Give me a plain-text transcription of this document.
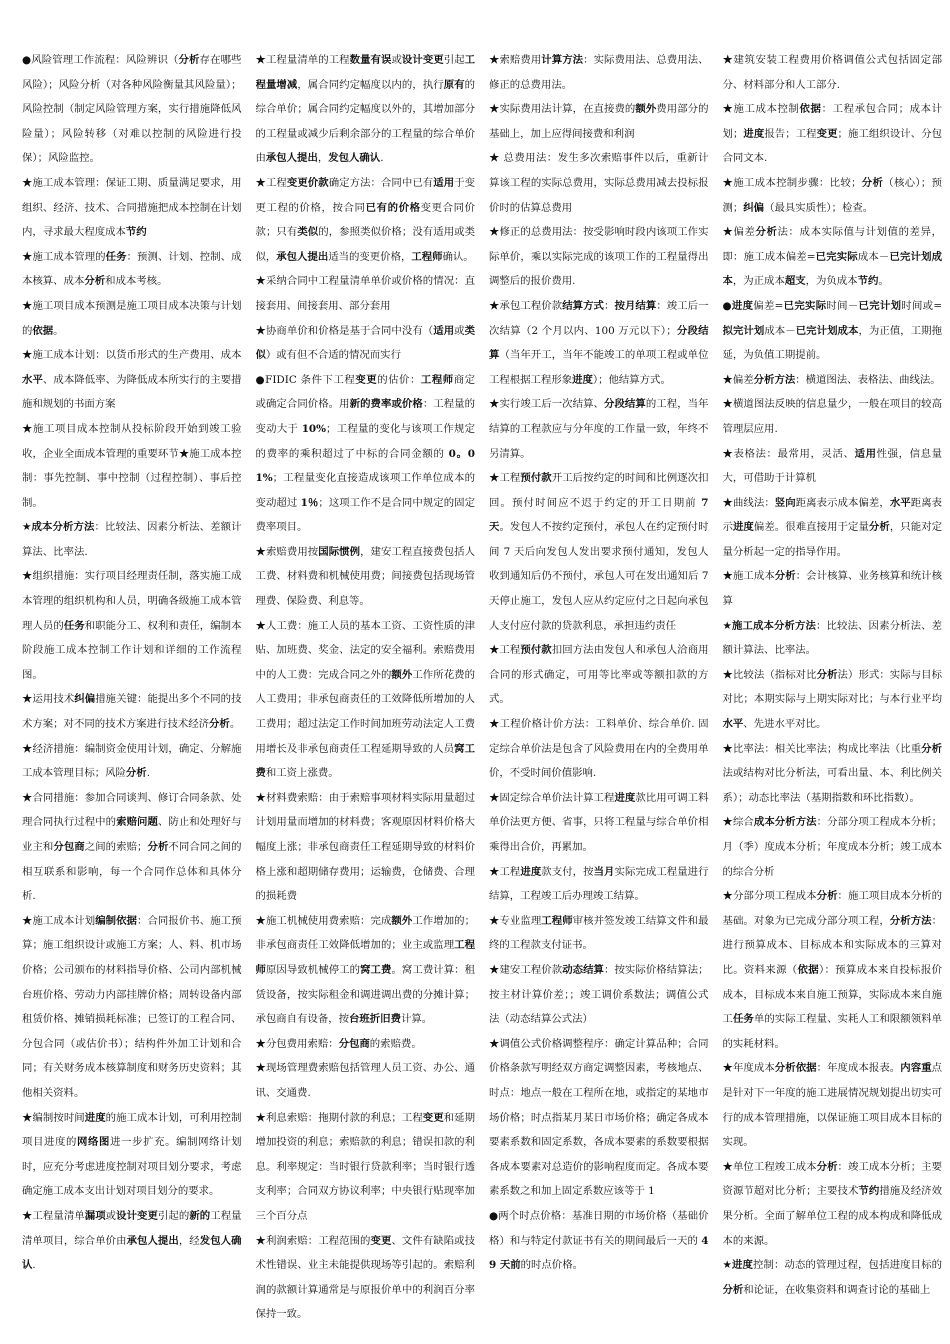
●风险管理工作流程：风险辨识（分析存在哪些风险）；风险分析（对各种风险衡量其风险量）；风险控制（制定风险管理方案，实行措施降低风险量）；风险转移（对难以控制的风险进行投保）；风险监控。
★施工成本管理：保证工期、质量满足要求，用组织、经济、技术、合同措施把成本控制在计划内，寻求最大程度成本节约
★施工成本管理的任务：预测、计划、控制、成本核算、成本分析和成本考核。
★施工项目成本预测是施工项目成本决策与计划的依据。
★施工成本计划：以货币形式的生产费用、成本水平、成本降低率、为降低成本所实行的主要措施和规划的书面方案
★施工项目成本控制从投标阶段开始到竣工验收，企业全面成本管理的重要环节★施工成本控制：事先控制、事中控制（过程控制）、事后控制。
★成本分析方法：比较法、因素分析法、差额计算法、比率法.
★组织措施：实行项目经理责任制，落实施工成本管理的组织机构和人员，明确各级施工成本管理人员的任务和职能分工、权利和责任，编制本阶段施工成本控制工作计划和详细的工作流程图。
★运用技术纠偏措施关键：能提出多个不同的技术方案；对不同的技术方案进行技术经济分析。
★经济措施：编制资金使用计划，确定、分解施工成本管理目标；风险分析.
★合同措施：参加合同谈判、修订合同条款、处理合同执行过程中的索赔问题、防止和处理好与业主和分包商之间的索赔；分析不同合同之间的相互联系和影响，每一个合同作总体和具体分析.
★施工成本计划编制依据：合同报价书、施工预算；施工组织设计或施工方案；人、料、机市场价格；公司颁布的材料指导价格、公司内部机械台班价格、劳动力内部挂牌价格；周转设备内部租赁价格、摊销损耗标准；已签订的工程合同、分包合同（或估价书）；结构件外加工计划和合同；有关财务成本核算制度和财务历史资料；其他相关资料。
★编制按时间进度的施工成本计划，可利用控制项目进度的网络图进一步扩充。编制网络计划时，应充分考虑进度控制对项目划分要求，考虑确定施工成本支出计划对项目划分的要求。
★工程量清单漏项或设计变更引起的新的工程量清单项目，综合单价由承包人提出，经发包人确认.
★工程量清单的工程数量有误或设计变更引起工程量增减，属合同约定幅度以内的，执行原有的综合单价；属合同约定幅度以外的，其增加部分的工程量或减少后剩余部分的工程量的综合单价由承包人提出，发包人确认.
★工程变更价款确定方法：合同中已有适用于变更工程的价格，按合同已有的价格变更合同价款；只有类似的，参照类似价格；没有适用或类似，承包人提出适当的变更价格，工程师确认。
★采纳合同中工程量清单单价或价格的情况：直接套用、间接套用、部分套用
★协商单价和价格是基于合同中没有（适用或类似）或有但不合适的情况而实行
●FIDIC 条件下工程变更的估价：工程师商定或确定合同价格。用新的费率或价格：工程量的变动大于 10%；工程量的变化与该项工作规定的费率的乘积超过了中标的合同金额的 0。01%；工程量变化直接造成该项工作单位成本的变动超过 1％；这项工作不是合同中规定的固定费率项目。
★索赔费用按国际惯例，建安工程直接费包括人工费、材料费和机械使用费；间接费包括现场管理费、保险费、利息等。
★人工费：施工人员的基本工资、工资性质的津贴、加班费、奖金、法定的安全福利。索赔费用中的人工费：完成合同之外的额外工作所花费的人工费用；非承包商责任的工效降低所增加的人工费用；超过法定工作时间加班劳动法定人工费用增长及非承包商责任工程延期导致的人员窝工费和工资上涨费。
★材料费索赔：由于索赔事项材料实际用量超过计划用量而增加的材料费；客观原因材料价格大幅度上涨；非承包商责任工程延期导致的材料价格上涨和超期储存费用；运输费，仓储费、合理的损耗费
★施工机械使用费索赔：完成额外工作增加的；非承包商责任工效降低增加的；业主或监理工程师原因导致机械停工的窝工费。窝工费计算：租赁设备，按实际租金和调进调出费的分摊计算；承包商自有设备，按台班折旧费计算。
★分包费用索赔：分包商的索赔费。
★现场管理费索赔包括管理人员工资、办公、通讯、交通费.
★利息索赔：拖期付款的利息；工程变更和延期增加投资的利息；索赔款的利息；错误扣款的利息。利率规定：当时银行贷款利率；当时银行透支利率；合同双方协议利率；中央银行贴现率加三个百分点
★利润索赔：工程范围的变更、文件有缺陷或技术性错误、业主未能提供现场等引起的。索赔利润的款额计算通常是与原报价单中的利润百分率保持一致。
★索赔费用计算方法：实际费用法、总费用法、修正的总费用法。
★实际费用法计算，在直接费的额外费用部分的基础上，加上应得间接费和利润
★ 总费用法：发生多次索赔事件以后，重新计算该工程的实际总费用，实际总费用减去投标报价时的估算总费用
★修正的总费用法：按受影响时段内该项工作实际单价，乘以实际完成的该项工作的工程量得出调整后的报价费用.
★承包工程价款结算方式：按月结算：竣工后一次结算（2 个月以内、100 万元以下）；分段结算（当年开工，当年不能竣工的单项工程或单位工程根据工程形象进度）；他结算方式。
★实行竣工后一次结算、分段结算的工程，当年结算的工程款应与分年度的工作量一致，年终不另清算。
★工程预付款开工后按约定的时间和比例逐次扣回。预付时间应不迟于约定的开工日期前 7 天。发包人不按约定预付，承包人在约定预付时间 7 天后向发包人发出要求预付通知，发包人收到通知后仍不预付，承包人可在发出通知后 7 天停止施工，发包人应从约定应付之日起向承包人支付应付款的贷款利息，承担违约责任
★工程预付款扣回方法由发包人和承包人洽商用合同的形式确定，可用等比率或等额扣款的方式。
★工程价格计价方法：工料单价、综合单价. 固定综合单价法是包含了风险费用在内的全费用单价，不受时间价值影响.
★固定综合单价法计算工程进度款比用可调工料单价法更方便、省事，只将工程量与综合单价相乘得出合价，再累加。
★工程进度款支付，按当月实际完成工程量进行结算，工程竣工后办理竣工结算。
★专业监理工程师审核并签发竣工结算文件和最终的工程款支付证书。
★建安工程价款动态结算：按实际价格结算法；按主材计算价差；；竣工调价系数法；调值公式法（动态结算公式法）
★调值公式价格调整程序：确定计算品种；合同价格条款写明经双方商定调整因素，考核地点、时点：地点一般在工程所在地，或指定的某地市场价格；时点指某月某日市场价格；确定各成本要素系数和固定系数，各成本要素的系数要根据各成本要素对总造价的影响程度而定。各成本要素系数之和加上固定系数应该等于 1
●两个时点价格：基准日期的市场价格（基础价格）和与特定付款证书有关的期间最后一天的 49 天前的时点价格。
★建筑安装工程费用价格调值公式包括固定部分、材料部分和人工部分.
★施工成本控制依据：工程承包合同；成本计划；进度报告；工程变更；施工组织设计、分包合同文本.
★施工成本控制步骤：比较；分析（核心）；预测；纠偏（最具实质性）；检查。
★偏差分析法：成本实际值与计划值的差异，即：施工成本偏差=已完实际成本－已完计划成本，为正成本超支，为负成本节约。
●进度偏差=已完实际时间－已完计划时间或=拟完计划成本－已完计划成本，为正值，工期拖延，为负值工期提前。
★偏差分析方法：横道图法、表格法、曲线法。
★横道图法反映的信息量少，一般在项目的较高管理层应用.
★表格法：最常用，灵活、适用性强，信息量大，可借助于计算机
★曲线法：竖向距离表示成本偏差，水平距离表示进度偏差。很难直接用于定量分析，只能对定量分析起一定的指导作用。
★施工成本分析：会计核算、业务核算和统计核算
★施工成本分析方法：比较法、因素分析法、差额计算法、比率法。
★比较法（指标对比分析法）形式：实际与目标对比；本期实际与上期实际对比；与本行业平均水平、先进水平对比。
★比率法：相关比率法；构成比率法（比重分析法或结构对比分析法，可看出量、本、利比例关系）；动态比率法（基期指数和环比指数）。
★综合成本分析方法：分部分项工程成本分析；月（季）度成本分析；年度成本分析；竣工成本的综合分析
★分部分项工程成本分析：施工项目成本分析的基础。对象为已完成分部分项工程，分析方法：进行预算成本、目标成本和实际成本的三算对比。资料来源（依据）：预算成本来自投标报价成本，目标成本来自施工预算，实际成本来自施工任务单的实际工程量、实耗人工和限额领料单的实耗材料。
★年度成本分析依据：年度成本报表。内容重点是针对下一年度的施工进展情况规划提出切实可行的成本管理措施，以保证施工项目成本目标的实现。
★单位工程竣工成本分析：竣工成本分析；主要资源节超对比分析；主要技术节约措施及经济效果分析。全面了解单位工程的成本构成和降低成本的来源。
★进度控制：动态的管理过程，包括进度目标的分析和论证，在收集资料和调查讨论的基础上
